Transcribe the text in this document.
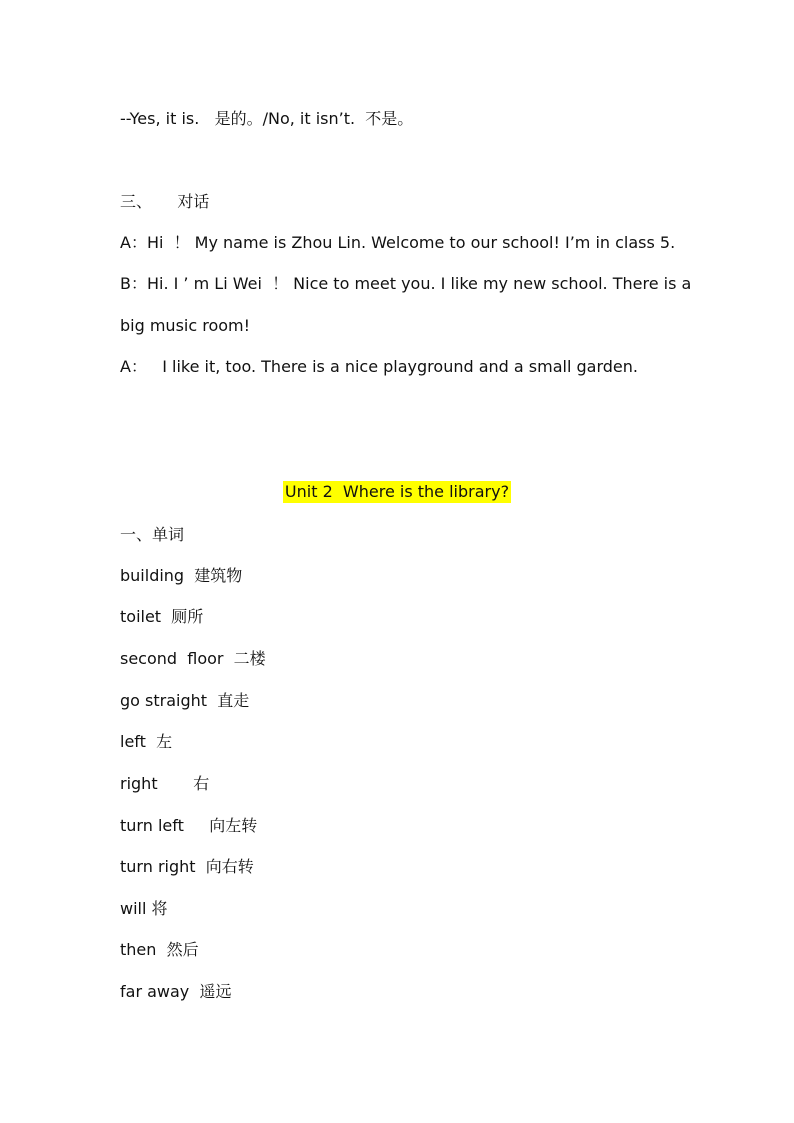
--Yes, it is.   是的。/No, it isn’t.  不是。
三、     对话
A：Hi  ！ My name is Zhou Lin. Welcome to our school! I’m in class 5.
B：Hi. I ’ m Li Wei  ！ Nice to meet you. I like my new school. There is a
big music room!
A：   I like it, too. There is a nice playground and a small garden.
Unit 2  Where is the library?
一、单词
building  建筑物
toilet  厕所
second  floor  二楼
go straight  直走
left  左
right       右
turn left     向左转
turn right  向右转
will 将
then  然后
far away  遥远
